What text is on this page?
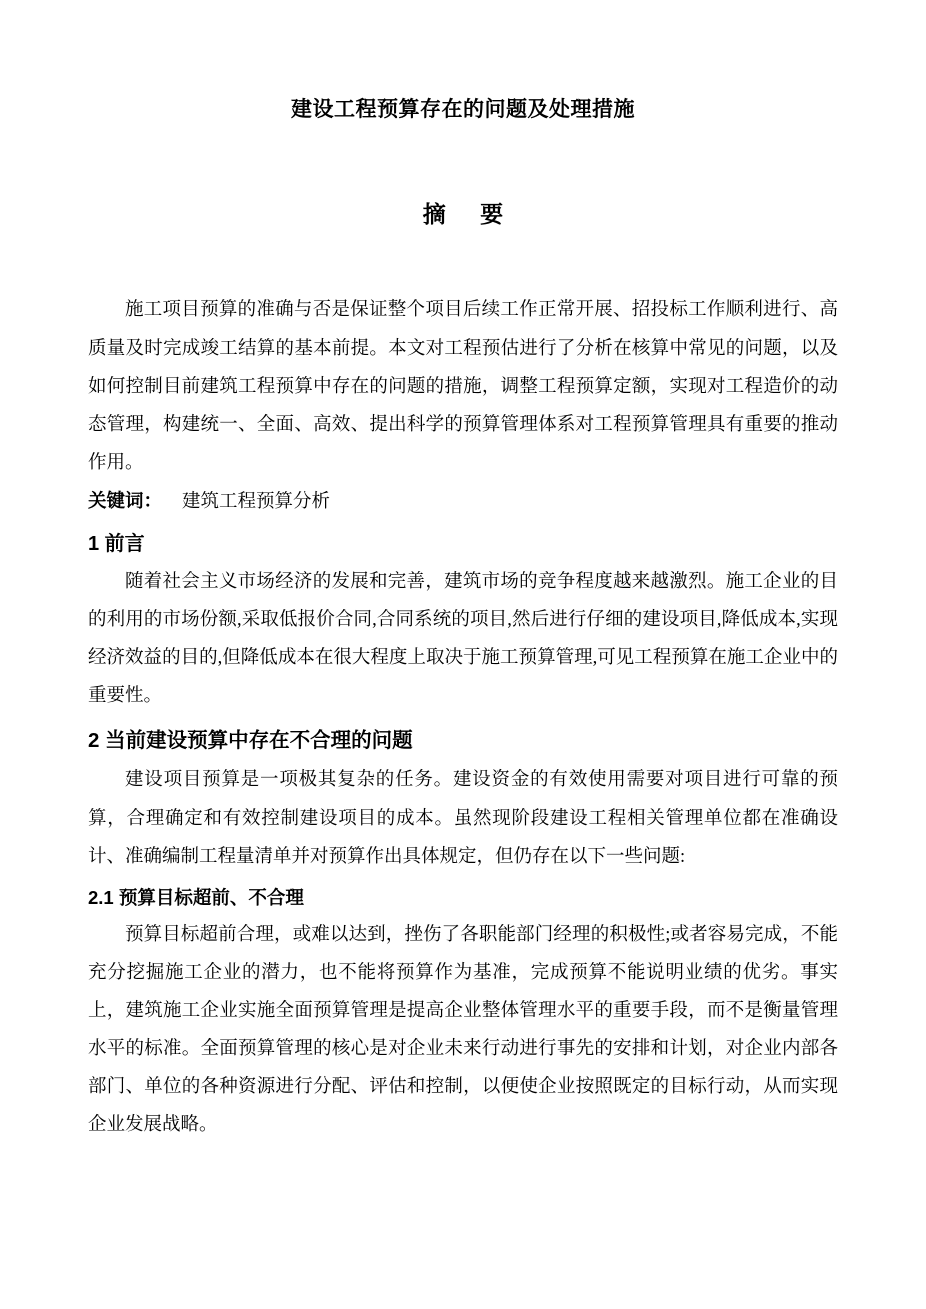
建设工程预算存在的问题及处理措施
摘 要

施工项目预算的准确与否是保证整个项目后续工作正常开展、招投标工作顺利进行、高质量及时完成竣工结算的基本前提。本文对工程预估进行了分析在核算中常见的问题，以及如何控制目前建筑工程预算中存在的问题的措施，调整工程预算定额，实现对工程造价的动态管理，构建统一、全面、高效、提出科学的预算管理体系对工程预算管理具有重要的推动作用。

关键词： 建筑工程预算分析

1 前言

随着社会主义市场经济的发展和完善，建筑市场的竞争程度越来越激烈。施工企业的目的利用的市场份额,采取低报价合同,合同系统的项目,然后进行仔细的建设项目,降低成本,实现经济效益的目的,但降低成本在很大程度上取决于施工预算管理,可见工程预算在施工企业中的重要性。

2 当前建设预算中存在不合理的问题

建设项目预算是一项极其复杂的任务。建设资金的有效使用需要对项目进行可靠的预算，合理确定和有效控制建设项目的成本。虽然现阶段建设工程相关管理单位都在准确设计、准确编制工程量清单并对预算作出具体规定，但仍存在以下一些问题:

2.1 预算目标超前、不合理

预算目标超前合理，或难以达到，挫伤了各职能部门经理的积极性;或者容易完成，不能充分挖掘施工企业的潜力，也不能将预算作为基准，完成预算不能说明业绩的优劣。事实上，建筑施工企业实施全面预算管理是提高企业整体管理水平的重要手段，而不是衡量管理水平的标准。全面预算管理的核心是对企业未来行动进行事先的安排和计划，对企业内部各部门、单位的各种资源进行分配、评估和控制，以便使企业按照既定的目标行动，从而实现企业发展战略。
